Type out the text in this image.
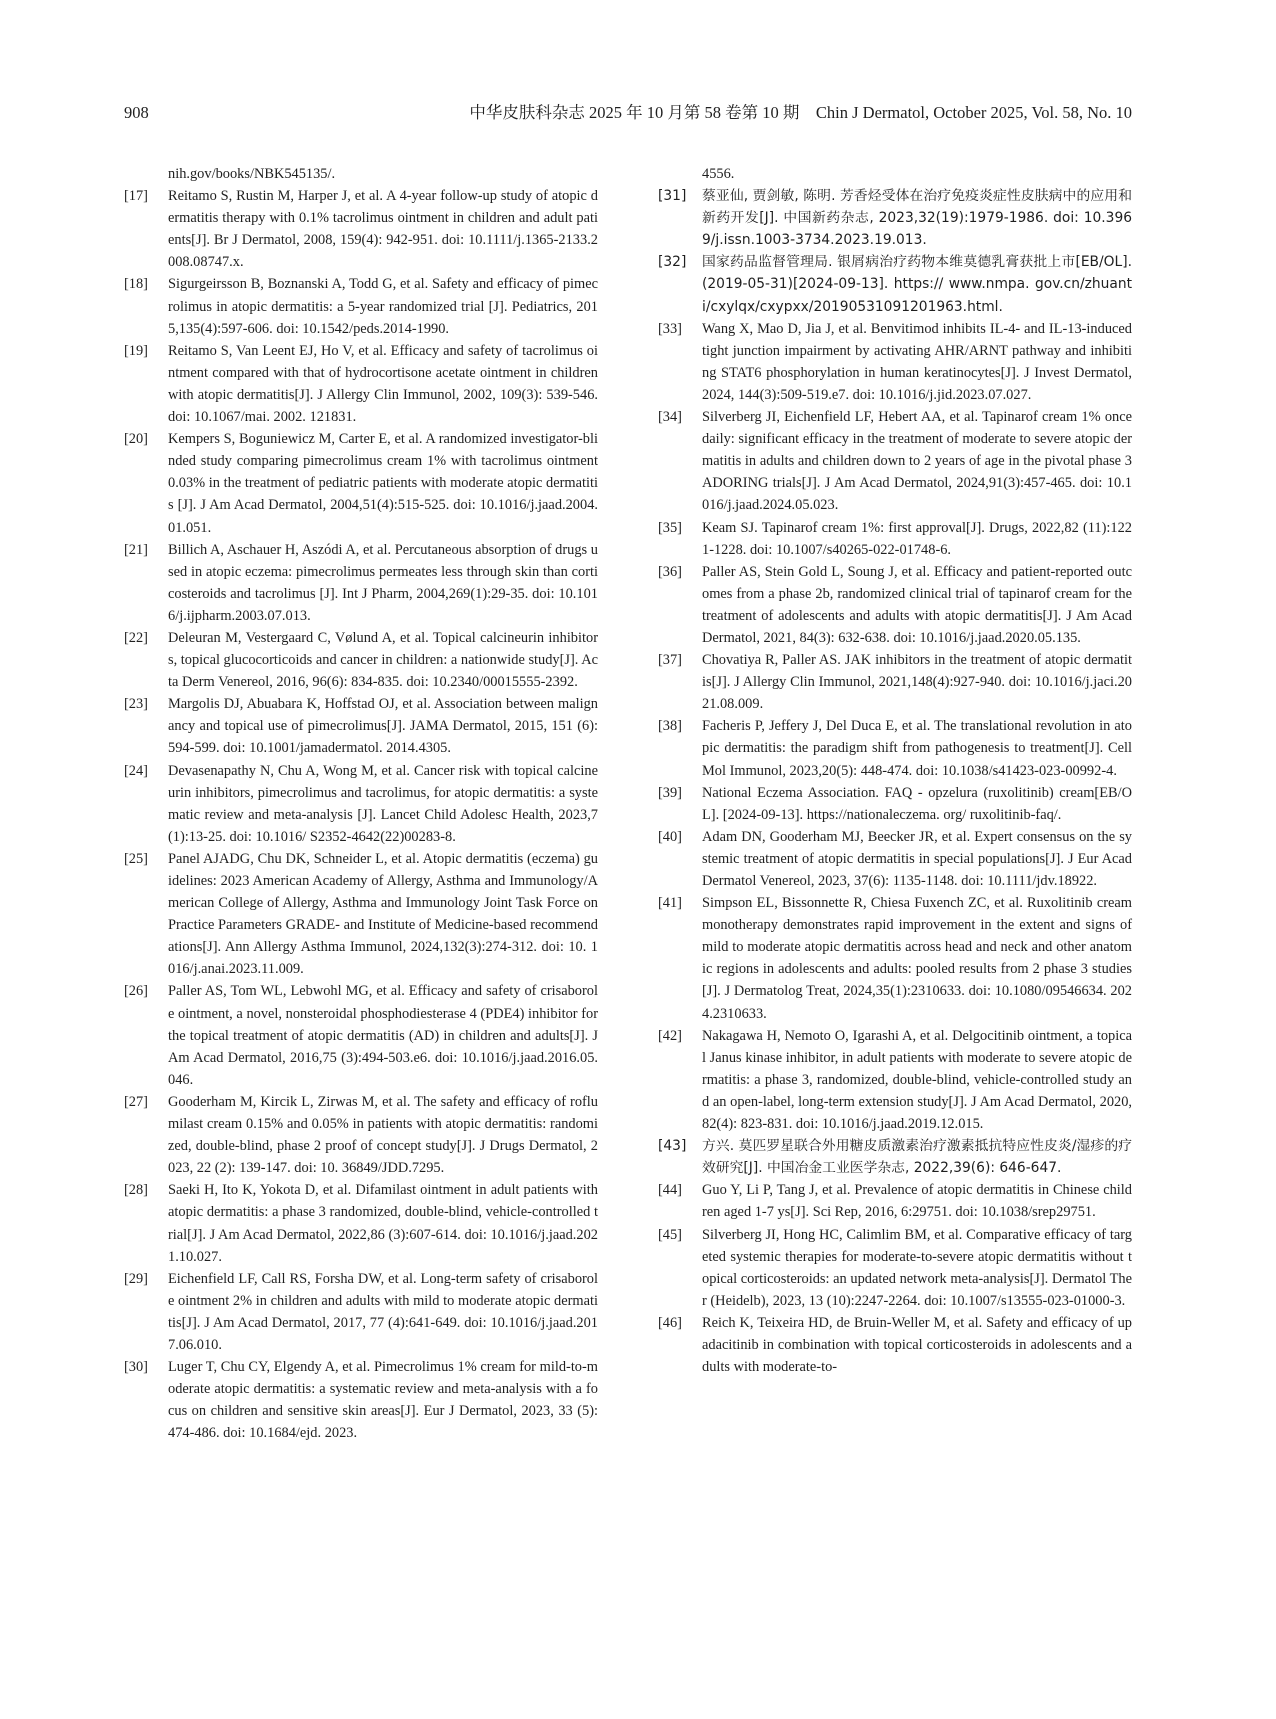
908	中华皮肤科杂志 2025 年 10 月第 58 卷第 10 期　Chin J Dermatol, October 2025, Vol. 58, No. 10
nih.gov/books/NBK545135/.
[17] Reitamo S, Rustin M, Harper J, et al. A 4-year follow-up study of atopic dermatitis therapy with 0.1% tacrolimus ointment in children and adult patients[J]. Br J Dermatol, 2008, 159(4): 942-951. doi: 10.1111/j.1365-2133.2008.08747.x.
[18] Sigurgeirsson B, Boznanski A, Todd G, et al. Safety and efficacy of pimecrolimus in atopic dermatitis: a 5-year randomized trial [J]. Pediatrics, 2015,135(4):597-606. doi: 10.1542/peds.2014-1990.
[19] Reitamo S, Van Leent EJ, Ho V, et al. Efficacy and safety of tacrolimus ointment compared with that of hydrocortisone acetate ointment in children with atopic dermatitis[J]. J Allergy Clin Immunol, 2002, 109(3): 539-546. doi: 10.1067/mai. 2002. 121831.
[20] Kempers S, Boguniewicz M, Carter E, et al. A randomized investigator-blinded study comparing pimecrolimus cream 1% with tacrolimus ointment 0.03% in the treatment of pediatric patients with moderate atopic dermatitis [J]. J Am Acad Dermatol, 2004,51(4):515-525. doi: 10.1016/j.jaad.2004.01.051.
[21] Billich A, Aschauer H, Aszódi A, et al. Percutaneous absorption of drugs used in atopic eczema: pimecrolimus permeates less through skin than corticosteroids and tacrolimus [J]. Int J Pharm, 2004,269(1):29-35. doi: 10.1016/j.ijpharm.2003.07.013.
[22] Deleuran M, Vestergaard C, Vølund A, et al. Topical calcineurin inhibitors, topical glucocorticoids and cancer in children: a nationwide study[J]. Acta Derm Venereol, 2016, 96(6): 834-835. doi: 10.2340/00015555-2392.
[23] Margolis DJ, Abuabara K, Hoffstad OJ, et al. Association between malignancy and topical use of pimecrolimus[J]. JAMA Dermatol, 2015, 151 (6): 594-599. doi: 10.1001/jamadermatol. 2014.4305.
[24] Devasenapathy N, Chu A, Wong M, et al. Cancer risk with topical calcineurin inhibitors, pimecrolimus and tacrolimus, for atopic dermatitis: a systematic review and meta-analysis [J]. Lancet Child Adolesc Health, 2023,7(1):13-25. doi: 10.1016/ S2352-4642(22)00283-8.
[25] Panel AJADG, Chu DK, Schneider L, et al. Atopic dermatitis (eczema) guidelines: 2023 American Academy of Allergy, Asthma and Immunology/American College of Allergy, Asthma and Immunology Joint Task Force on Practice Parameters GRADE- and Institute of Medicine-based recommendations[J]. Ann Allergy Asthma Immunol, 2024,132(3):274-312. doi: 10. 1016/j.anai.2023.11.009.
[26] Paller AS, Tom WL, Lebwohl MG, et al. Efficacy and safety of crisaborole ointment, a novel, nonsteroidal phosphodiesterase 4 (PDE4) inhibitor for the topical treatment of atopic dermatitis (AD) in children and adults[J]. J Am Acad Dermatol, 2016,75 (3):494-503.e6. doi: 10.1016/j.jaad.2016.05.046.
[27] Gooderham M, Kircik L, Zirwas M, et al. The safety and efficacy of roflumilast cream 0.15% and 0.05% in patients with atopic dermatitis: randomized, double-blind, phase 2 proof of concept study[J]. J Drugs Dermatol, 2023, 22 (2): 139-147. doi: 10. 36849/JDD.7295.
[28] Saeki H, Ito K, Yokota D, et al. Difamilast ointment in adult patients with atopic dermatitis: a phase 3 randomized, double-blind, vehicle-controlled trial[J]. J Am Acad Dermatol, 2022,86 (3):607-614. doi: 10.1016/j.jaad.2021.10.027.
[29] Eichenfield LF, Call RS, Forsha DW, et al. Long-term safety of crisaborole ointment 2% in children and adults with mild to moderate atopic dermatitis[J]. J Am Acad Dermatol, 2017, 77 (4):641-649. doi: 10.1016/j.jaad.2017.06.010.
[30] Luger T, Chu CY, Elgendy A, et al. Pimecrolimus 1% cream for mild-to-moderate atopic dermatitis: a systematic review and meta-analysis with a focus on children and sensitive skin areas[J]. Eur J Dermatol, 2023, 33 (5): 474-486. doi: 10.1684/ejd. 2023.
4556.
[31] 蔡亚仙, 贾剑敏, 陈明. 芳香烃受体在治疗免疫炎症性皮肤病中的应用和新药开发[J]. 中国新药杂志, 2023,32(19):1979-1986. doi: 10.3969/j.issn.1003-3734.2023.19.013.
[32] 国家药品监督管理局. 银屑病治疗药物本维莫德乳膏获批上市[EB/OL]. (2019-05-31)[2024-09-13]. https:// www.nmpa. gov.cn/zhuanti/cxylqx/cxypxx/20190531091201963.html.
[33] Wang X, Mao D, Jia J, et al. Benvitimod inhibits IL-4- and IL-13-induced tight junction impairment by activating AHR/ARNT pathway and inhibiting STAT6 phosphorylation in human keratinocytes[J]. J Invest Dermatol, 2024, 144(3):509-519.e7. doi: 10.1016/j.jid.2023.07.027.
[34] Silverberg JI, Eichenfield LF, Hebert AA, et al. Tapinarof cream 1% once daily: significant efficacy in the treatment of moderate to severe atopic dermatitis in adults and children down to 2 years of age in the pivotal phase 3 ADORING trials[J]. J Am Acad Dermatol, 2024,91(3):457-465. doi: 10.1016/j.jaad.2024.05.023.
[35] Keam SJ. Tapinarof cream 1%: first approval[J]. Drugs, 2022,82 (11):1221-1228. doi: 10.1007/s40265-022-01748-6.
[36] Paller AS, Stein Gold L, Soung J, et al. Efficacy and patient-reported outcomes from a phase 2b, randomized clinical trial of tapinarof cream for the treatment of adolescents and adults with atopic dermatitis[J]. J Am Acad Dermatol, 2021, 84(3): 632-638. doi: 10.1016/j.jaad.2020.05.135.
[37] Chovatiya R, Paller AS. JAK inhibitors in the treatment of atopic dermatitis[J]. J Allergy Clin Immunol, 2021,148(4):927-940. doi: 10.1016/j.jaci.2021.08.009.
[38] Facheris P, Jeffery J, Del Duca E, et al. The translational revolution in atopic dermatitis: the paradigm shift from pathogenesis to treatment[J]. Cell Mol Immunol, 2023,20(5): 448-474. doi: 10.1038/s41423-023-00992-4.
[39] National Eczema Association. FAQ - opzelura (ruxolitinib) cream[EB/OL]. [2024-09-13]. https://nationaleczema. org/ ruxolitinib-faq/.
[40] Adam DN, Gooderham MJ, Beecker JR, et al. Expert consensus on the systemic treatment of atopic dermatitis in special populations[J]. J Eur Acad Dermatol Venereol, 2023, 37(6): 1135-1148. doi: 10.1111/jdv.18922.
[41] Simpson EL, Bissonnette R, Chiesa Fuxench ZC, et al. Ruxolitinib cream monotherapy demonstrates rapid improvement in the extent and signs of mild to moderate atopic dermatitis across head and neck and other anatomic regions in adolescents and adults: pooled results from 2 phase 3 studies [J]. J Dermatolog Treat, 2024,35(1):2310633. doi: 10.1080/09546634. 2024.2310633.
[42] Nakagawa H, Nemoto O, Igarashi A, et al. Delgocitinib ointment, a topical Janus kinase inhibitor, in adult patients with moderate to severe atopic dermatitis: a phase 3, randomized, double-blind, vehicle-controlled study and an open-label, long-term extension study[J]. J Am Acad Dermatol, 2020, 82(4): 823-831. doi: 10.1016/j.jaad.2019.12.015.
[43] 方兴. 莫匹罗星联合外用糖皮质激素治疗激素抵抗特应性皮炎/湿疹的疗效研究[J]. 中国冶金工业医学杂志, 2022,39(6): 646-647.
[44] Guo Y, Li P, Tang J, et al. Prevalence of atopic dermatitis in Chinese children aged 1-7 ys[J]. Sci Rep, 2016, 6:29751. doi: 10.1038/srep29751.
[45] Silverberg JI, Hong HC, Calimlim BM, et al. Comparative efficacy of targeted systemic therapies for moderate-to-severe atopic dermatitis without topical corticosteroids: an updated network meta-analysis[J]. Dermatol Ther (Heidelb), 2023, 13 (10):2247-2264. doi: 10.1007/s13555-023-01000-3.
[46] Reich K, Teixeira HD, de Bruin-Weller M, et al. Safety and efficacy of upadacitinib in combination with topical corticosteroids in adolescents and adults with moderate-to-
